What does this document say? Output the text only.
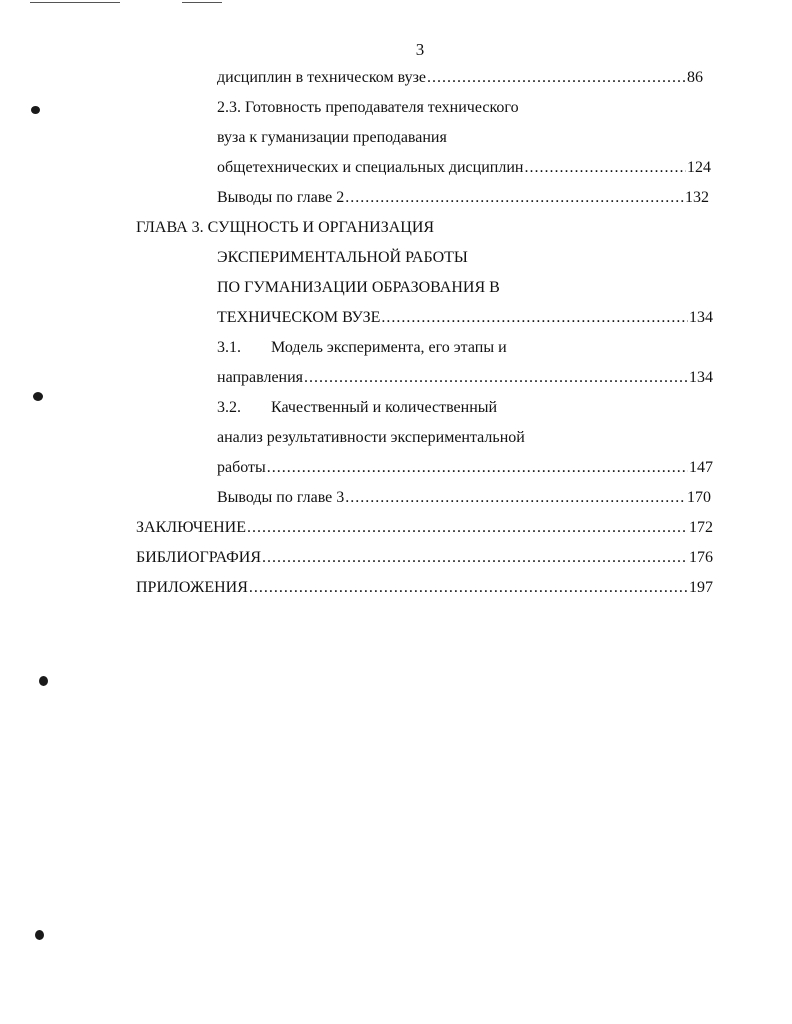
3
дисциплин в техническом вузе .....	86
2.3. Готовность преподавателя технического
вуза к гуманизации преподавания
общетехнических и специальных дисциплин .....	124
Выводы по главе 2 .....	132
ГЛАВА 3. СУЩНОСТЬ И ОРГАНИЗАЦИЯ
ЭКСПЕРИМЕНТАЛЬНОЙ РАБОТЫ
ПО ГУМАНИЗАЦИИ ОБРАЗОВАНИЯ В
ТЕХНИЧЕСКОМ ВУЗЕ .....	134
3.1. Модель эксперимента, его этапы и
направления .....	134
3.2. Качественный и количественный
анализ результативности экспериментальной
работы .....	147
Выводы по главе 3 .....	170
ЗАКЛЮЧЕНИЕ .....	172
БИБЛИОГРАФИЯ .....	176
ПРИЛОЖЕНИЯ .....	197
